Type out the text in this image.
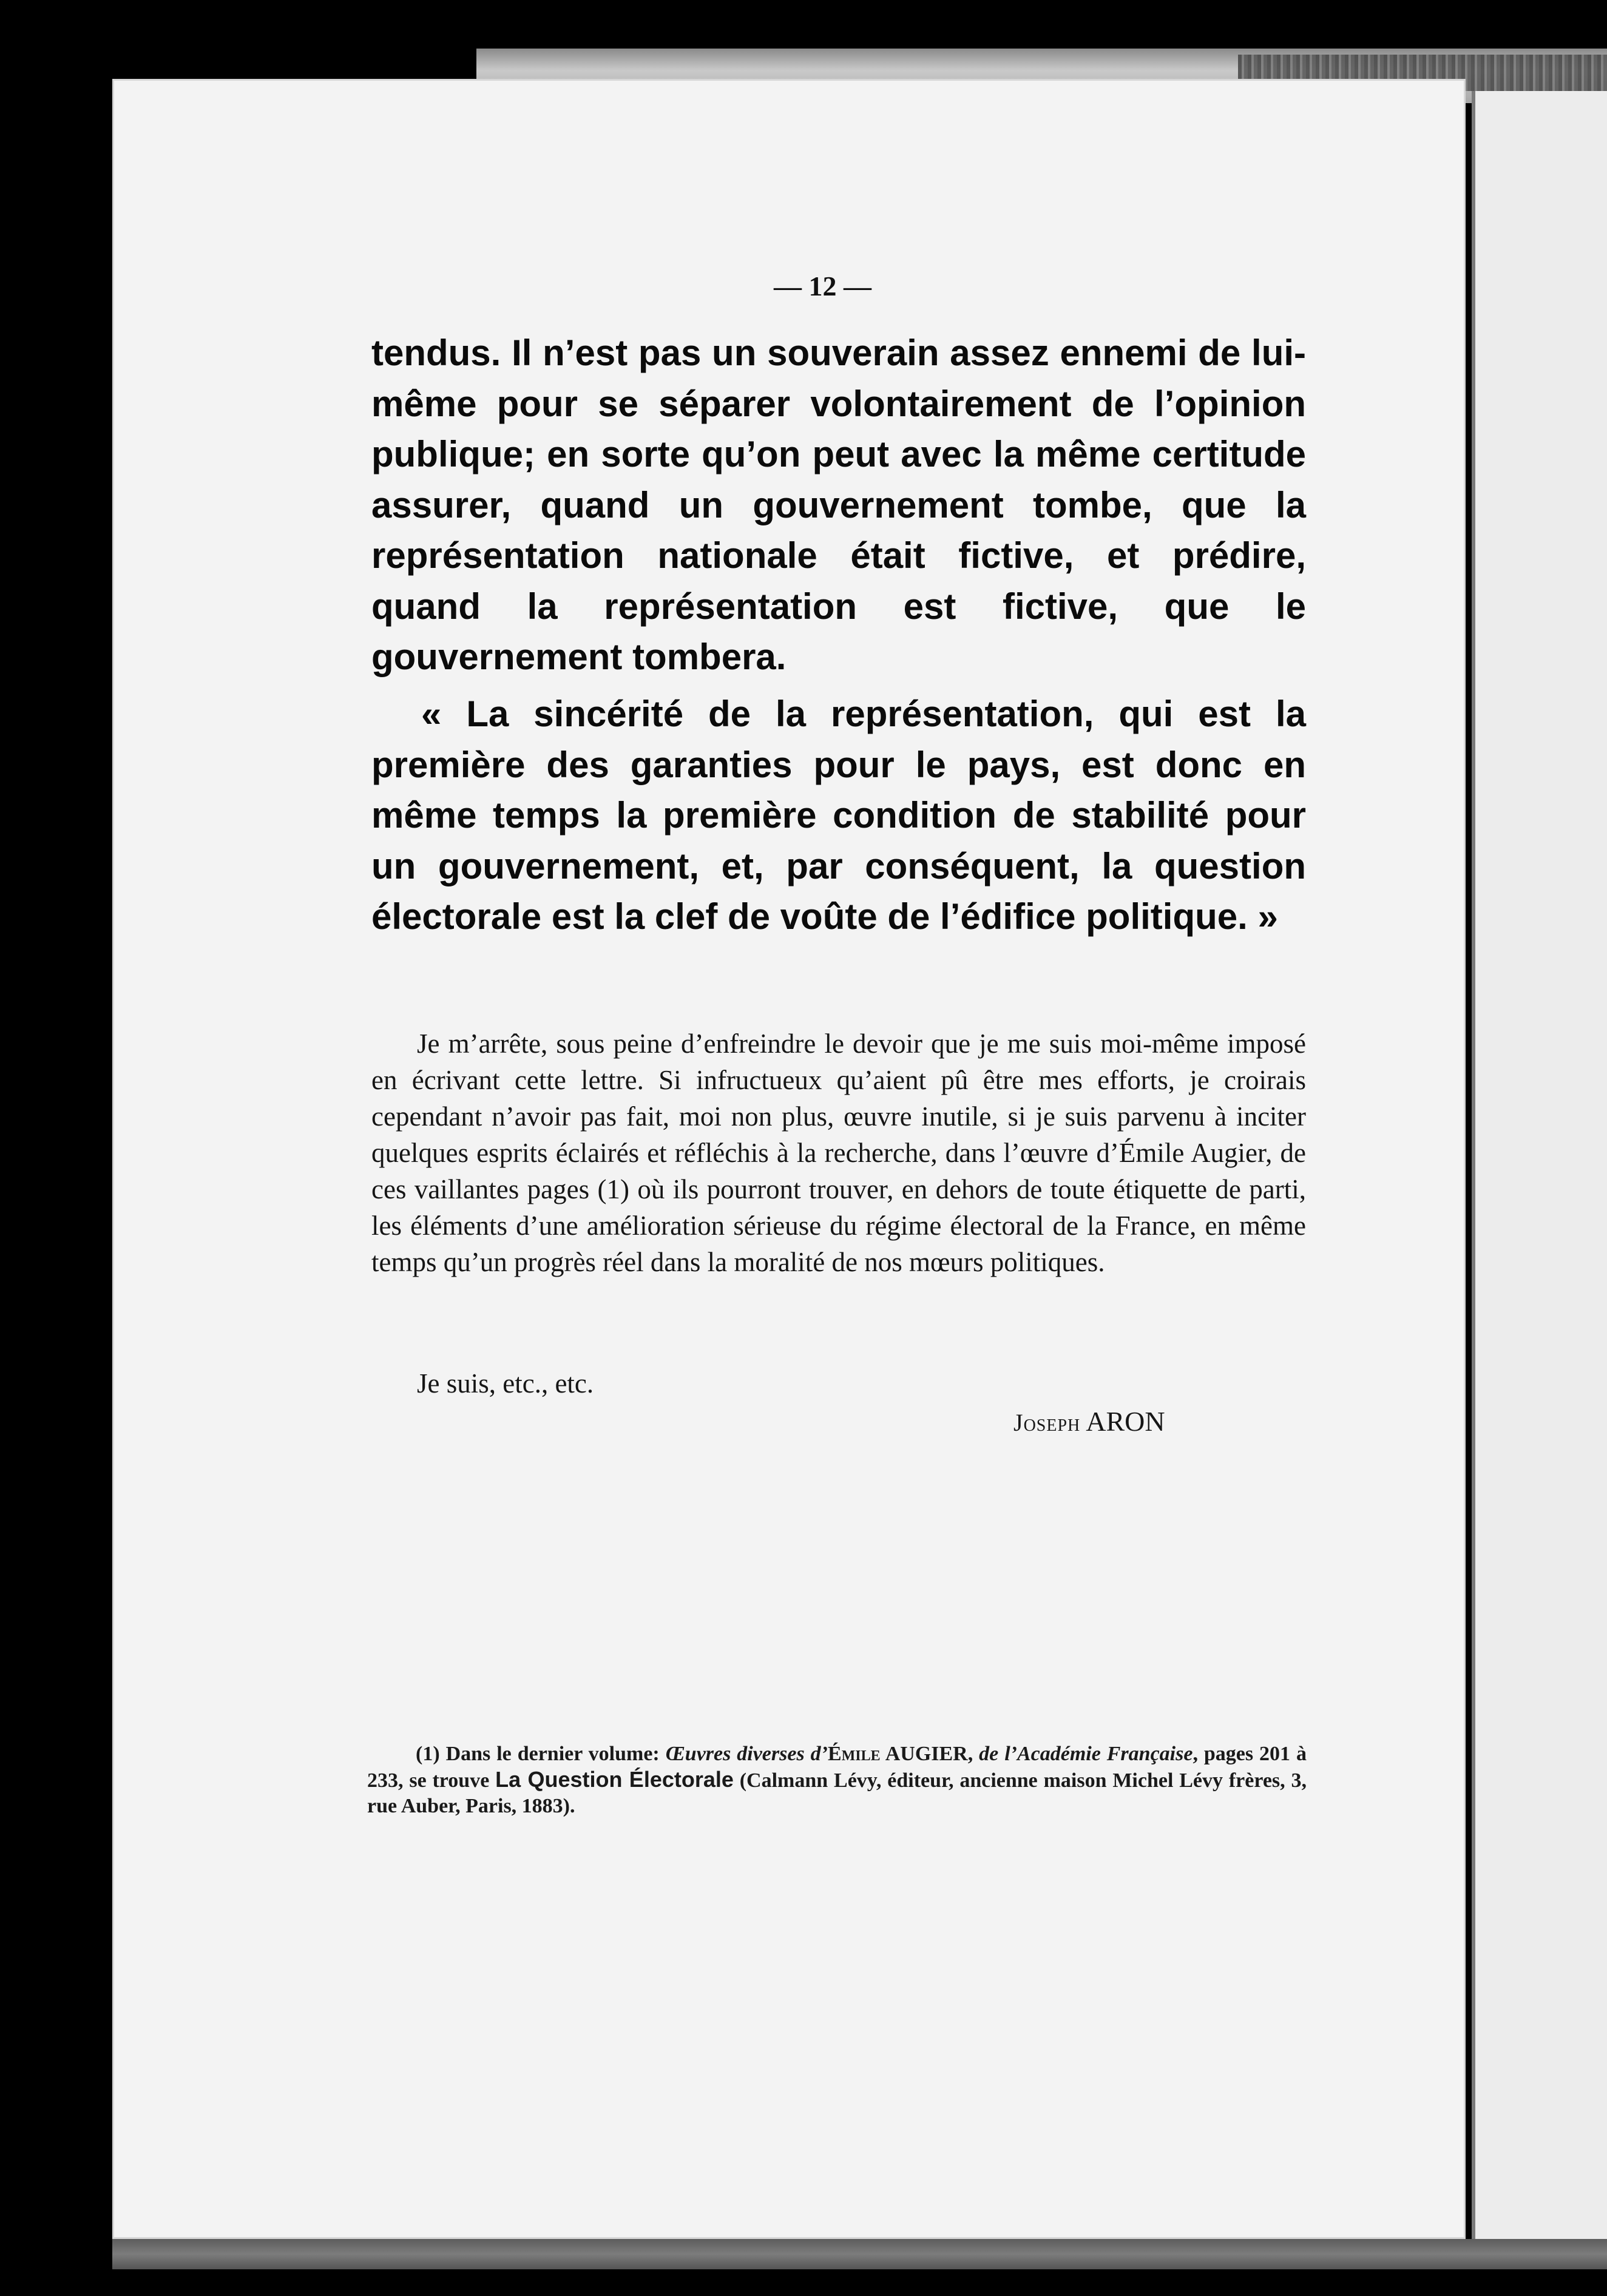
— 12 —

tendus. Il n’est pas un souverain assez ennemi de lui-même pour se séparer volontairement de l’opinion publique; en sorte qu’on peut avec la même certitude assurer, quand un gouvernement tombe, que la représentation nationale était fictive, et prédire, quand la représentation est fictive, que le gouvernement tombera.

« La sincérité de la représentation, qui est la première des garanties pour le pays, est donc en même temps la première condition de stabilité pour un gouvernement, et, par conséquent, la question électorale est la clef de voûte de l’édifice politique. »

Je m’arrête, sous peine d’enfreindre le devoir que je me suis moi-même imposé en écrivant cette lettre. Si infructueux qu’aient pû être mes efforts, je croirais cependant n’avoir pas fait, moi non plus, œuvre inutile, si je suis parvenu à inciter quelques esprits éclairés et réfléchis à la recherche, dans l’œuvre d’Émile Augier, de ces vaillantes pages (1) où ils pourront trouver, en dehors de toute étiquette de parti, les éléments d’une amélioration sérieuse du régime électoral de la France, en même temps qu’un progrès réel dans la moralité de nos mœurs politiques.

Je suis, etc., etc.

Joseph ARON

(1) Dans le dernier volume: Œuvres diverses d’Émile AUGIER, de l’Académie Française, pages 201 à 233, se trouve La Question Électorale (Calmann Lévy, éditeur, ancienne maison Michel Lévy frères, 3, rue Auber, Paris, 1883).
